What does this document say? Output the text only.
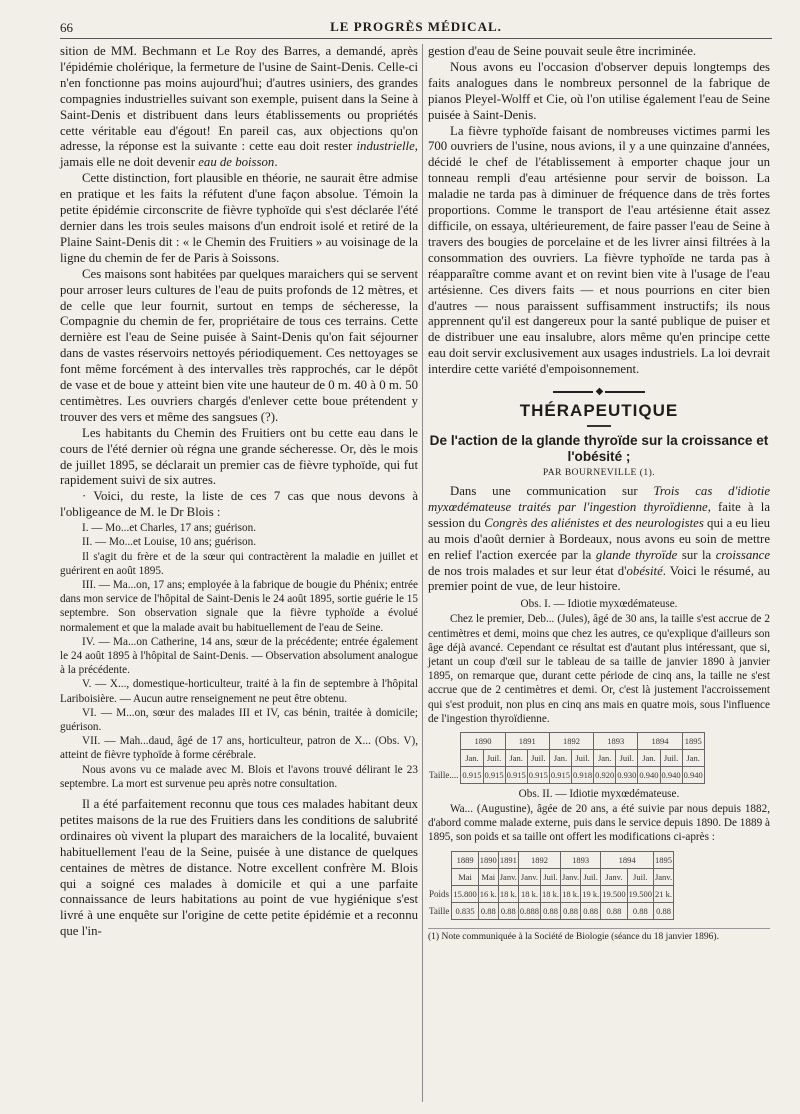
66	LE PROGRÈS MÉDICAL.

sition de MM. Bechmann et Le Roy des Barres, a demandé, après l'épidémie cholérique, la fermeture de l'usine de Saint-Denis. Celle-ci n'en fonctionne pas moins aujourd'hui; d'autres usiniers, des grandes compagnies industrielles suivant son exemple, puisent dans la Seine à Saint-Denis et distribuent dans leurs établissements ou propriétés cette véritable eau d'égout! En pareil cas, aux objections qu'on adresse, la réponse est la suivante : cette eau doit rester industrielle, jamais elle ne doit devenir eau de boisson.

Cette distinction, fort plausible en théorie, ne saurait être admise en pratique et les faits la réfutent d'une façon absolue. Témoin la petite épidémie circonscrite de fièvre typhoïde qui s'est déclarée l'été dernier dans les trois seules maisons d'un endroit isolé et retiré de la Plaine Saint-Denis dit : « le Chemin des Fruitiers » au voisinage de la ligne du chemin de fer de Paris à Soissons.

Ces maisons sont habitées par quelques maraichers qui se servent pour arroser leurs cultures de l'eau de puits profonds de 12 mètres, et de celle que leur fournit, surtout en temps de sécheresse, la Compagnie du chemin de fer, propriétaire de tous ces terrains. Cette dernière est l'eau de Seine puisée à Saint-Denis qu'on fait séjourner dans de vastes réservoirs nettoyés périodiquement. Ces nettoyages se font même forcément à des intervalles très rapprochés, car le dépôt de vase et de boue y atteint bien vite une hauteur de 0 m. 40 à 0 m. 50 centimètres. Les ouvriers chargés d'enlever cette boue prétendent y trouver des vers et même des sangsues (?).

Les habitants du Chemin des Fruitiers ont bu cette eau dans le cours de l'été dernier où régna une grande sécheresse. Or, dès le mois de juillet 1895, se déclarait un premier cas de fièvre typhoïde, qui fut rapidement suivi de six autres.

· Voici, du reste, la liste de ces 7 cas que nous devons à l'obligeance de M. le Dr Blois :

I. — Mo...et Charles, 17 ans; guérison.

II. — Mo...et Louise, 10 ans; guérison.

Il s'agit du frère et de la sœur qui contractèrent la maladie en juillet et guérirent en août 1895.

III. — Ma...on, 17 ans; employée à la fabrique de bougie du Phénix; entrée dans mon service de l'hôpital de Saint-Denis le 24 août 1895, sortie guérie le 15 septembre. Son observation signale que la fièvre typhoïde a évolué normalement et que la malade avait bu habituellement de l'eau de Seine.

IV. — Ma...on Catherine, 14 ans, sœur de la précédente; entrée également le 24 août 1895 à l'hôpital de Saint-Denis. — Observation absolument analogue à la précédente.

V. — X..., domestique-horticulteur, traité à la fin de septembre à l'hôpital Lariboisière. — Aucun autre renseignement ne peut être obtenu.

VI. — M...on, sœur des malades III et IV, cas bénin, traitée à domicile; guérison.

VII. — Mah...daud, âgé de 17 ans, horticulteur, patron de X... (Obs. V), atteint de fièvre typhoïde à forme cérébrale.

Nous avons vu ce malade avec M. Blois et l'avons trouvé délirant le 23 septembre. La mort est survenue peu après notre consultation.

Il a été parfaitement reconnu que tous ces malades habitant deux petites maisons de la rue des Fruitiers dans les conditions de salubrité ordinaires où vivent la plupart des maraichers de la localité, buvaient habituellement l'eau de la Seine, puisée à une distance de quelques centaines de mètres de distance. Notre excellent confrère M. Blois qui a soigné ces malades à domicile et qui a une parfaite connaissance de leurs habitations au point de vue hygiénique s'est livré à une enquête sur l'origine de cette petite épidémie et a reconnu que l'in-

gestion d'eau de Seine pouvait seule être incriminée.

Nous avons eu l'occasion d'observer depuis longtemps des faits analogues dans le nombreux personnel de la fabrique de pianos Pleyel-Wolff et Cie, où l'on utilise également l'eau de Seine puisée à Saint-Denis.

La fièvre typhoïde faisant de nombreuses victimes parmi les 700 ouvriers de l'usine, nous avions, il y a une quinzaine d'années, décidé le chef de l'établissement à emporter chaque jour un tonneau rempli d'eau artésienne pour servir de boisson. La maladie ne tarda pas à diminuer de fréquence dans de très fortes proportions. Comme le transport de l'eau artésienne était assez difficile, on essaya, ultérieurement, de faire passer l'eau de Seine à travers des bougies de porcelaine et de les livrer ainsi filtrées à la consommation des ouvriers. La fièvre typhoïde ne tarda pas à réapparaître comme avant et on revint bien vite à l'usage de l'eau artésienne. Ces divers faits — et nous pourrions en citer bien d'autres — nous paraissent suffisamment instructifs; ils nous apprennent qu'il est dangereux pour la santé publique de puiser et de distribuer une eau insalubre, alors même qu'en principe cette eau doit servir exclusivement aux usages industriels. La loi devrait interdire cette variété d'empoisonnement.

◆
THÉRAPEUTIQUE
De l'action de la glande thyroïde sur la croissance et l'obésité ;
PAR BOURNEVILLE (1).

Dans une communication sur Trois cas d'idiotie myxœdémateuse traités par l'ingestion thyroïdienne, faite à la session du Congrès des aliénistes et des neurologistes qui a eu lieu au mois d'août dernier à Bordeaux, nous avons eu soin de mettre en relief l'action exercée par la glande thyroïde sur la croissance de nos trois malades et sur leur état d'obésité. Voici le résumé, au premier point de vue, de leur histoire.

Obs. I. — Idiotie myxœdémateuse.

Chez le premier, Deb... (Jules), âgé de 30 ans, la taille s'est accrue de 2 centimètres et demi, moins que chez les autres, ce qu'explique d'ailleurs son âge déjà avancé. Cependant ce résultat est d'autant plus intéressant, que si, jetant un coup d'œil sur le tableau de sa taille de janvier 1890 à janvier 1895, on remarque que, durant cette période de cinq ans, la taille ne s'est accrue que de 2 centimètres et demi. Or, c'est là justement l'accroissement qui s'est produit, non plus en cinq ans mais en quatre mois, sous l'influence de l'ingestion thyroïdienne.

	1890		1891		1892		1893		1894		1895
	Jan.	Juil.	Jan.	Juil.	Jan.	Juil.	Jan.	Juil.	Jan.	Juil.	Jan.
Taille....	0.915	0.915	0.915	0.915	0.915	0.918	0.920	0.930	0.940	0.940	0.940
Obs. II. — Idiotie myxœdémateuse.

Wa... (Augustine), âgée de 20 ans, a été suivie par nous depuis 1882, d'abord comme malade externe, puis dans le service depuis 1890. De 1889 à 1895, son poids et sa taille ont offert les modifications ci-après :

	1889	1890	1891	1892		1893		1894		1895
	Mai	Mai	Janv.	Janv.	Juil.	Janv.	Juil.	Janv.	Juil.	Janv.
Poids	15.800	16 k.	18 k.	18 k.	18 k.	18 k.	19 k.	19.500	19.500	21 k.
Taille	0.835	0.88	0.88	0.888	0.88	0.88	0.88	0.88	0.88	0.88
(1) Note communiquée à la Société de Biologie (séance du 18 janvier 1896).
